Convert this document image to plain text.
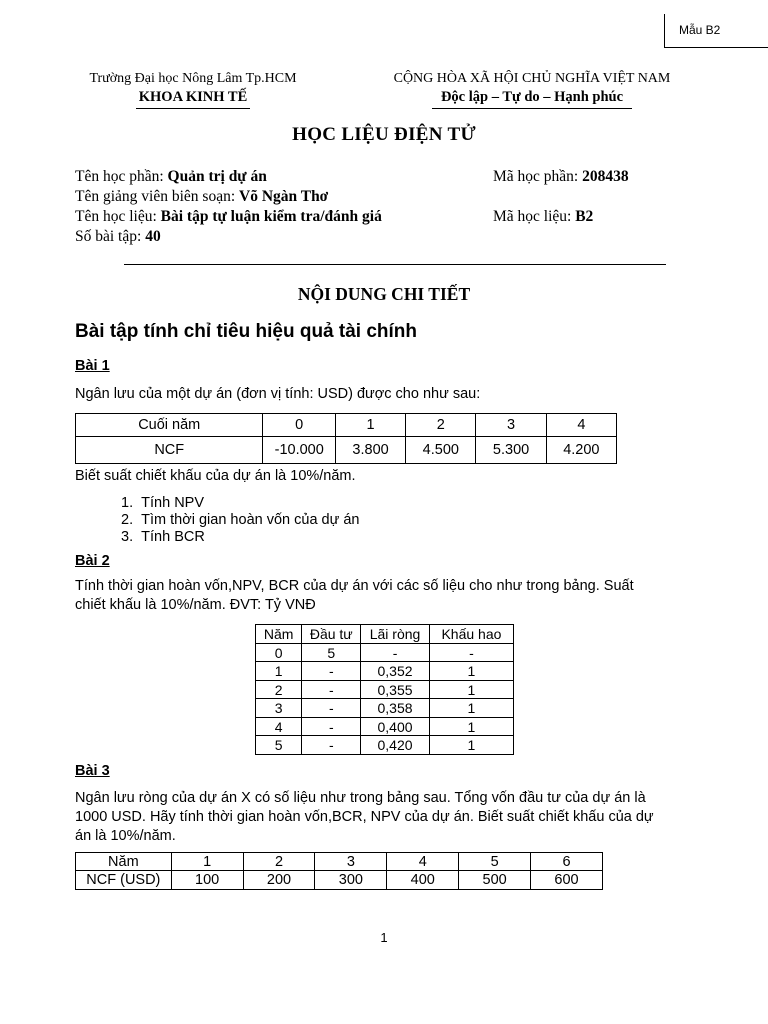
Mẫu B2
Trường Đại học Nông Lâm Tp.HCM
KHOA KINH TẾ
CỘNG HÒA XÃ HỘI CHỦ NGHĨA VIỆT NAM
Độc lập – Tự do – Hạnh phúc
HỌC LIỆU ĐIỆN TỬ
Tên học phần: Quản trị dự án	Mã học phần: 208438
Tên giảng viên biên soạn: Võ Ngàn Thơ
Tên học liệu: Bài tập tự luận kiểm tra/đánh giá	Mã học liệu: B2
Số bài tập: 40
NỘI DUNG CHI TIẾT
Bài tập tính chỉ tiêu hiệu quả tài chính
Bài 1
Ngân lưu của một dự án (đơn vị tính: USD) được cho như sau:
Cuối năm	0	1	2	3	4
NCF	-10.000	3.800	4.500	5.300	4.200
Biết suất chiết khấu của dự án là 10%/năm.
1.  Tính NPV
2.  Tìm thời gian hoàn vốn của dự án
3.  Tính BCR
Bài 2
Tính thời gian hoàn vốn,NPV, BCR của dự án với các số liệu cho như trong bảng. Suất
chiết khấu là 10%/năm. ĐVT: Tỷ VNĐ
Năm	Đầu tư	Lãi ròng	Khấu hao
0	5	-	-
1	-	0,352	1
2	-	0,355	1
3	-	0,358	1
4	-	0,400	1
5	-	0,420	1
Bài 3
Ngân lưu ròng của dự án X có số liệu như trong bảng sau. Tổng vốn đầu tư của dự án là
1000 USD. Hãy tính thời gian hoàn vốn,BCR, NPV của dự án. Biết suất chiết khấu của dự
án là 10%/năm.
Năm	1	2	3	4	5	6
NCF (USD)	100	200	300	400	500	600
1
